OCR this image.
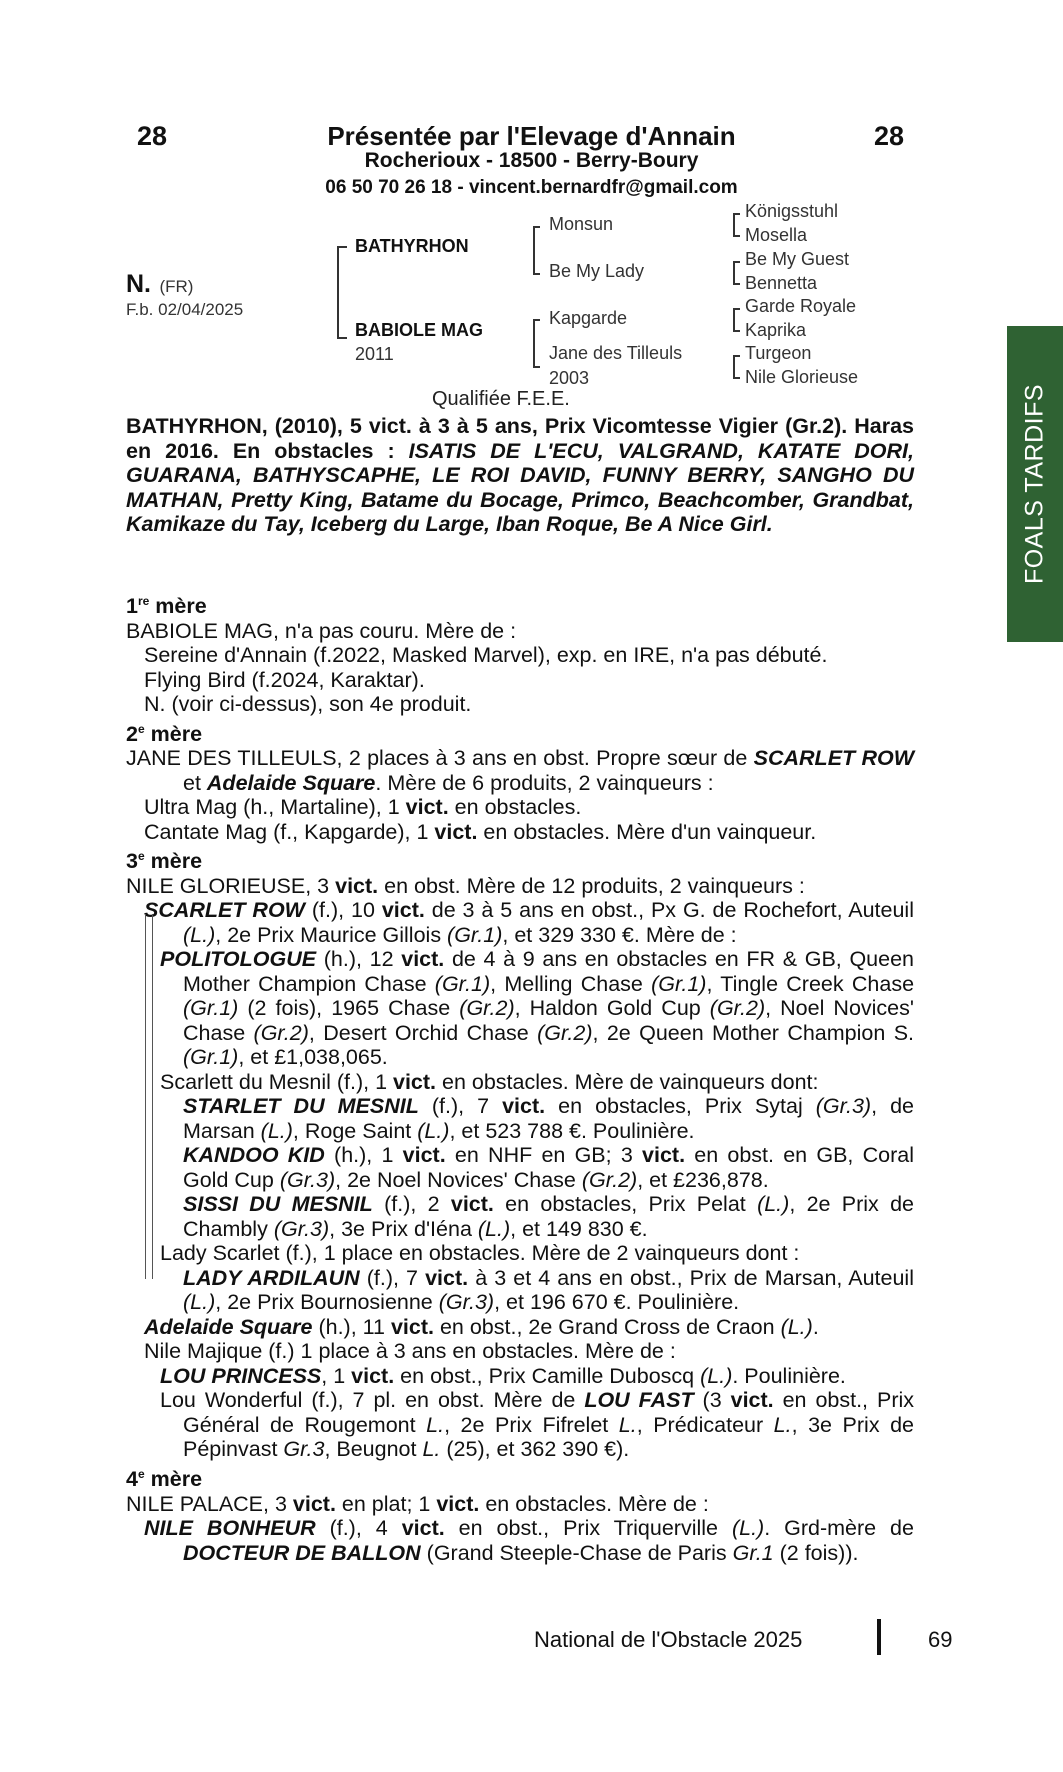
28	28
Présentée par l'Elevage d'Annain
Rocherioux - 18500 - Berry-Boury
06 50 70 26 18 - vincent.bernardfr@gmail.com
N. (FR)
F.b. 02/04/2025
BATHYRHON
BABIOLE MAG
2011
Monsun
Be My Lady
Kapgarde
Jane des Tilleuls
2003
Königsstuhl
Mosella
Be My Guest
Bennetta
Garde Royale
Kaprika
Turgeon
Nile Glorieuse
Qualifiée F.E.E.
BATHYRHON, (2010), 5 vict. à 3 à 5 ans, Prix Vicomtesse Vigier (Gr.2). Haras en 2016. En obstacles : ISATIS DE L'ECU, VALGRAND, KATATE DORI, GUARANA, BATHYSCAPHE, LE ROI DAVID, FUNNY BERRY, SANGHO DU MATHAN, Pretty King, Batame du Bocage, Primco, Beachcomber, Grandbat, Kamikaze du Tay, Iceberg du Large, Iban Roque, Be A Nice Girl.
1re mère
BABIOLE MAG, n'a pas couru. Mère de :
Sereine d'Annain (f.2022, Masked Marvel), exp. en IRE, n'a pas débuté.
Flying Bird (f.2024, Karaktar).
N. (voir ci-dessus), son 4e produit.
2e mère
JANE DES TILLEULS, 2 places à 3 ans en obst. Propre sœur de SCARLET ROW et Adelaide Square. Mère de 6 produits, 2 vainqueurs :
Ultra Mag (h., Martaline), 1 vict. en obstacles.
Cantate Mag (f., Kapgarde), 1 vict. en obstacles. Mère d'un vainqueur.
3e mère
NILE GLORIEUSE, 3 vict. en obst. Mère de 12 produits, 2 vainqueurs :
SCARLET ROW (f.), 10 vict. de 3 à 5 ans en obst., Px G. de Rochefort, Auteuil (L.), 2e Prix Maurice Gillois (Gr.1), et 329 330 €. Mère de :
POLITOLOGUE (h.), 12 vict. de 4 à 9 ans en obstacles en FR & GB, Queen Mother Champion Chase (Gr.1), Melling Chase (Gr.1), Tingle Creek Chase (Gr.1) (2 fois), 1965 Chase (Gr.2), Haldon Gold Cup (Gr.2), Noel Novices' Chase (Gr.2), Desert Orchid Chase (Gr.2), 2e Queen Mother Champion S.(Gr.1), et £1,038,065.
Scarlett du Mesnil (f.), 1 vict. en obstacles. Mère de vainqueurs dont:
STARLET DU MESNIL (f.), 7 vict. en obstacles, Prix Sytaj (Gr.3), de Marsan (L.), Roge Saint (L.), et 523 788 €. Poulinière.
KANDOO KID (h.), 1 vict. en NHF en GB; 3 vict. en obst. en GB, Coral Gold Cup (Gr.3), 2e Noel Novices' Chase (Gr.2), et £236,878.
SISSI DU MESNIL (f.), 2 vict. en obstacles, Prix Pelat (L.), 2e Prix de Chambly (Gr.3), 3e Prix d'Iéna (L.), et 149 830 €.
Lady Scarlet (f.), 1 place en obstacles. Mère de 2 vainqueurs dont :
LADY ARDILAUN (f.), 7 vict. à 3 et 4 ans en obst., Prix de Marsan, Auteuil (L.), 2e Prix Bournosienne (Gr.3), et 196 670 €. Poulinière.
Adelaide Square (h.), 11 vict. en obst., 2e Grand Cross de Craon (L.).
Nile Majique (f.) 1 place à 3 ans en obstacles. Mère de :
LOU PRINCESS, 1 vict. en obst., Prix Camille Duboscq (L.). Poulinière.
Lou Wonderful (f.), 7 pl. en obst. Mère de LOU FAST (3 vict. en obst., Prix Général de Rougemont L., 2e Prix Fifrelet L., Prédicateur L., 3e Prix de Pépinvast Gr.3, Beugnot L. (25), et 362 390 €).
4e mère
NILE PALACE, 3 vict. en plat; 1 vict. en obstacles. Mère de :
NILE BONHEUR (f.), 4 vict. en obst., Prix Triquerville (L.). Grd-mère de DOCTEUR DE BALLON (Grand Steeple-Chase de Paris Gr.1 (2 fois)).
FOALS TARDIFS
National de l'Obstacle 2025	69
